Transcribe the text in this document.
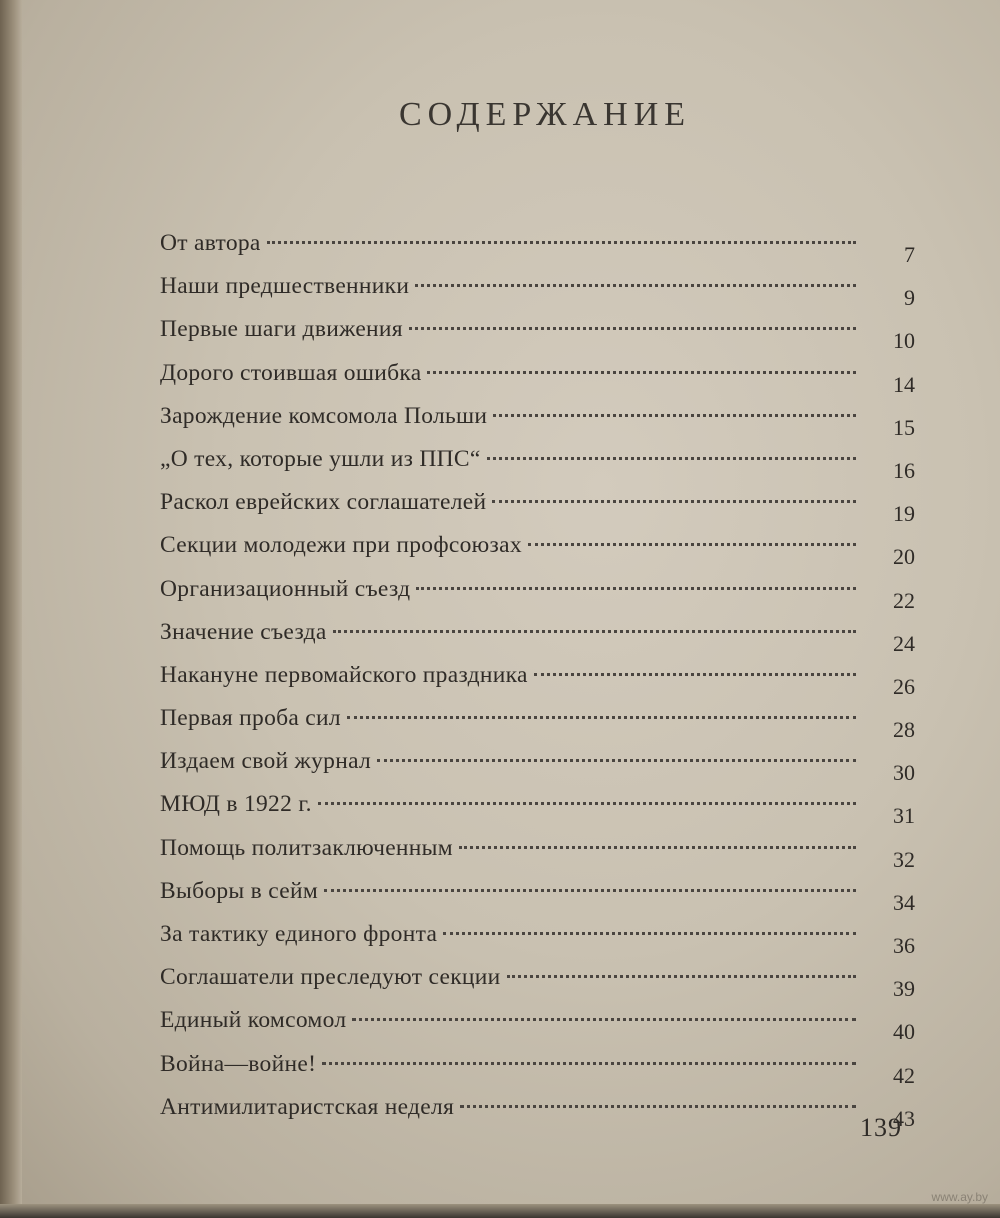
СОДЕРЖАНИЕ
От автора	7
Наши предшественники	9
Первые шаги движения	10
Дорого стоившая ошибка	14
Зарождение комсомола Польши	15
„О тех, которые ушли из ППС“	16
Раскол еврейских соглашателей	19
Секции молодежи при профсоюзах	20
Организационный съезд	22
Значение съезда	24
Накануне первомайского праздника	26
Первая проба сил	28
Издаем свой журнал	30
МЮД в 1922 г.	31
Помощь политзаключенным	32
Выборы в сейм	34
За тактику единого фронта	36
Соглашатели преследуют секции	39
Единый комсомол	40
Война—войне!	42
Антимилитаристская неделя	43
139
www.ay.by
